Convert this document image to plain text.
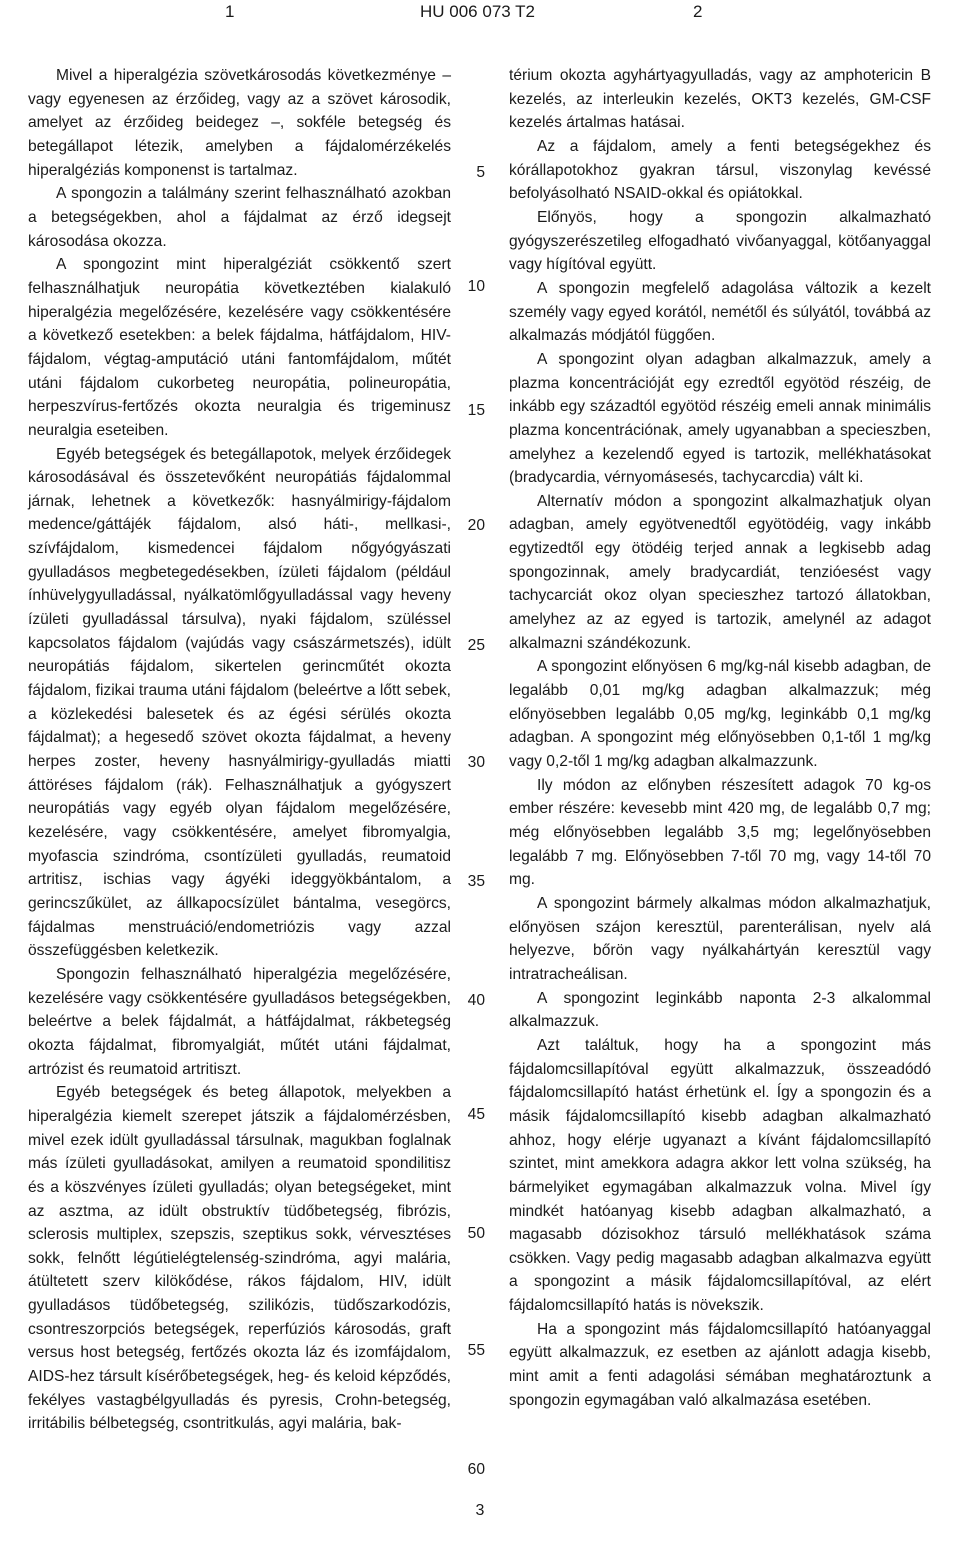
1	HU 006 073 T2	2

Mivel a hiperalgézia szövetkárosodás következménye – vagy egyenesen az érzőideg, vagy az a szövet károsodik, amelyet az érzőideg beidegez –, sokféle betegség és betegállapot létezik, amelyben a fájdalomérzékelés hiperalgéziás komponenst is tartalmaz.

A spongozin a találmány szerint felhasználható azokban a betegségekben, ahol a fájdalmat az érző idegsejt károsodása okozza.

A spongozint mint hiperalgéziát csökkentő szert felhasználhatjuk neuropátia következtében kialakuló hiperalgézia megelőzésére, kezelésére vagy csökkentésére a következő esetekben: a belek fájdalma, hátfájdalom, HIV-fájdalom, végtag-amputáció utáni fantomfájdalom, műtét utáni fájdalom cukorbeteg neuropátia, polineuropátia, herpeszvírus-fertőzés okozta neuralgia és trigeminusz neuralgia eseteiben.

Egyéb betegségek és betegállapotok, melyek érzőidegek károsodásával és összetevőként neuropátiás fájdalommal járnak, lehetnek a következők: hasnyálmirigy-fájdalom medence/gáttájék fájdalom, alsó háti-, mellkasi-, szívfájdalom, kismedencei fájdalom nőgyógyászati gyulladásos megbetegedésekben, ízületi fájdalom (például ínhüvelygyulladással, nyálkatömlőgyulladással vagy heveny ízületi gyulladással társulva), nyaki fájdalom, szüléssel kapcsolatos fájdalom (vajúdás vagy császármetszés), idült neuropátiás fájdalom, sikertelen gerincműtét okozta fájdalom, fizikai trauma utáni fájdalom (beleértve a lőtt sebek, a közlekedési balesetek és az égési sérülés okozta fájdalmat); a hegesedő szövet okozta fájdalmat, a heveny herpes zoster, heveny hasnyálmirigy-gyulladás miatti áttöréses fájdalom (rák). Felhasználhatjuk a gyógyszert neuropátiás vagy egyéb olyan fájdalom megelőzésére, kezelésére, vagy csökkentésére, amelyet fibromyalgia, myofascia szindróma, csontízületi gyulladás, reumatoid artritisz, ischias vagy ágyéki ideggyökbántalom, a gerincszűkület, az állkapocsízület bántalma, vesegörcs, fájdalmas menstruáció/endometriózis vagy azzal összefüggésben keletkezik.

Spongozin felhasználható hiperalgézia megelőzésére, kezelésére vagy csökkentésére gyulladásos betegségekben, beleértve a belek fájdalmát, a hátfájdalmat, rákbetegség okozta fájdalmat, fibromyalgiát, műtét utáni fájdalmat, artrózist és reumatoid artritiszt.

Egyéb betegségek és beteg állapotok, melyekben a hiperalgézia kiemelt szerepet játszik a fájdalomérzésben, mivel ezek idült gyulladással társulnak, magukban foglalnak más ízületi gyulladásokat, amilyen a reumatoid spondilitisz és a köszvényes ízületi gyulladás; olyan betegségeket, mint az asztma, az idült obstruktív tüdőbetegség, fibrózis, sclerosis multiplex, szepszis, szeptikus sokk, vérvesztéses sokk, felnőtt légútielégtelenség-szindróma, agyi malária, átültetett szerv kilökődése, rákos fájdalom, HIV, idült gyulladásos tüdőbetegség, szilikózis, tüdőszarkodózis, csontreszorpciós betegségek, reperfúziós károsodás, graft versus host betegség, fertőzés okozta láz és izomfájdalom, AIDS-hez társult kísérőbetegségek, heg- és keloid képződés, fekélyes vastagbélgyulladás és pyresis, Crohn-betegség, irritábilis bélbetegség, csontritkulás, agyi malária, bak-

térium okozta agyhártyagyulladás, vagy az amphotericin B kezelés, az interleukin kezelés, OKT3 kezelés, GM-CSF kezelés ártalmas hatásai.

Az a fájdalom, amely a fenti betegségekhez és kórállapotokhoz gyakran társul, viszonylag kevéssé befolyásolható NSAID-okkal és opiátokkal.

Előnyös, hogy a spongozin alkalmazható gyógyszerészetileg elfogadható vivőanyaggal, kötőanyaggal vagy hígítóval együtt.

A spongozin megfelelő adagolása változik a kezelt személy vagy egyed korától, nemétől és súlyától, továbbá az alkalmazás módjától függően.

A spongozint olyan adagban alkalmazzuk, amely a plazma koncentrációját egy ezredtől egyötöd részéig, de inkább egy századtól egyötöd részéig emeli annak minimális plazma koncentrációnak, amely ugyanabban a specieszben, amelyhez a kezelendő egyed is tartozik, mellékhatásokat (bradycardia, vérnyomásesés, tachycarcdia) vált ki.

Alternatív módon a spongozint alkalmazhatjuk olyan adagban, amely egyötvenedtől egyötödéig, vagy inkább egytizedtől egy ötödéig terjed annak a legkisebb adag spongozinnak, amely bradycardiát, tenzióesést vagy tachycarciát okoz olyan specieszhez tartozó állatokban, amelyhez az az egyed is tartozik, amelynél az adagot alkalmazni szándékozunk.

A spongozint előnyösen 6 mg/kg-nál kisebb adagban, de legalább 0,01 mg/kg adagban alkalmazzuk; még előnyösebben legalább 0,05 mg/kg, leginkább 0,1 mg/kg adagban. A spongozint még előnyösebben 0,1-től 1 mg/kg vagy 0,2-től 1 mg/kg adagban alkalmazzunk.

Ily módon az előnyben részesített adagok 70 kg-os ember részére: kevesebb mint 420 mg, de legalább 0,7 mg; még előnyösebben legalább 3,5 mg; legelőnyösebben legalább 7 mg. Előnyösebben 7-től 70 mg, vagy 14-től 70 mg.

A spongozint bármely alkalmas módon alkalmazhatjuk, előnyösen szájon keresztül, parenterálisan, nyelv alá helyezve, bőrön vagy nyálkahártyán keresztül vagy intratracheálisan.

A spongozint leginkább naponta 2-3 alkalommal alkalmazzuk.

Azt találtuk, hogy ha a spongozint más fájdalomcsillapítóval együtt alkalmazzuk, összeadódó fájdalomcsillapító hatást érhetünk el. Így a spongozin és a másik fájdalomcsillapító kisebb adagban alkalmazható ahhoz, hogy elérje ugyanazt a kívánt fájdalomcsillapító szintet, mint amekkora adagra akkor lett volna szükség, ha bármelyiket egymagában alkalmazzuk volna. Mivel így mindkét hatóanyag kisebb adagban alkalmazható, a magasabb dózisokhoz társuló mellékhatások száma csökken. Vagy pedig magasabb adagban alkalmazva együtt a spongozint a másik fájdalomcsillapítóval, az elért fájdalomcsillapító hatás is növekszik.

Ha a spongozint más fájdalomcsillapító hatóanyaggal együtt alkalmazzuk, ez esetben az ajánlott adagja kisebb, mint amit a fenti adagolási sémában meghatároztunk a spongozin egymagában való alkalmazása esetében.

5
10
15
20
25
30
35
40
45
50
55
60
3
